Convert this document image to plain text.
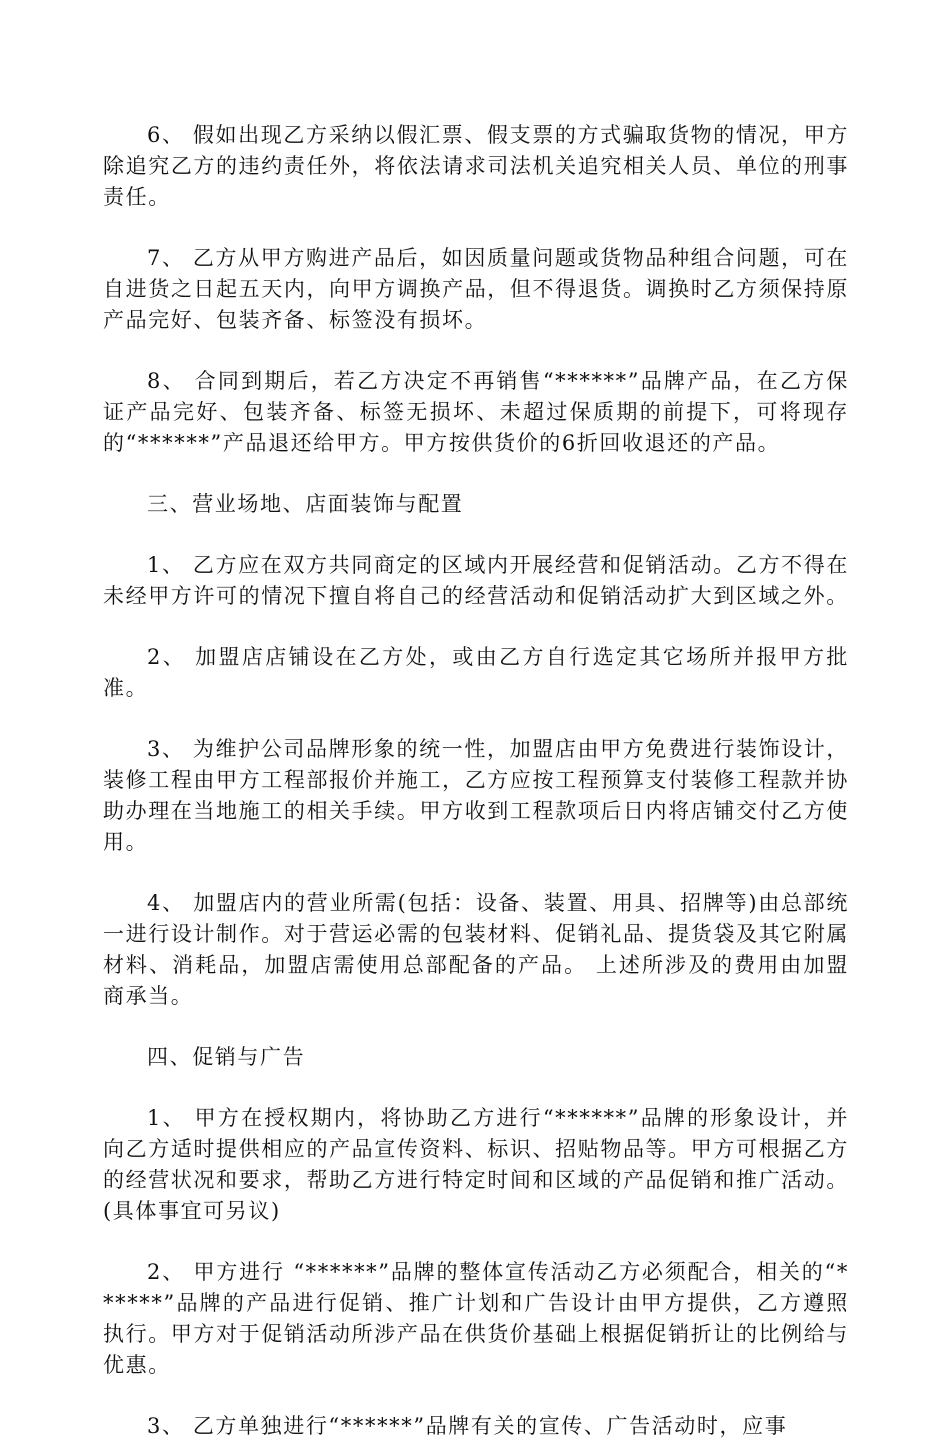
6、 假如出现乙方采纳以假汇票、假支票的方式骗取货物的情况，甲方除追究乙方的违约责任外，将依法请求司法机关追究相关人员、单位的刑事责任。

7、 乙方从甲方购进产品后，如因质量问题或货物品种组合问题，可在自进货之日起五天内，向甲方调换产品，但不得退货。调换时乙方须保持原产品完好、包装齐备、标签没有损坏。

8、 合同到期后，若乙方决定不再销售“******”品牌产品，在乙方保证产品完好、包装齐备、标签无损坏、未超过保质期的前提下，可将现存的“******”产品退还给甲方。甲方按供货价的6折回收退还的产品。

三、营业场地、店面装饰与配置

1、 乙方应在双方共同商定的区域内开展经营和促销活动。乙方不得在未经甲方许可的情况下擅自将自己的经营活动和促销活动扩大到区域之外。

2、 加盟店店铺设在乙方处，或由乙方自行选定其它场所并报甲方批准。

3、 为维护公司品牌形象的统一性，加盟店由甲方免费进行装饰设计，装修工程由甲方工程部报价并施工，乙方应按工程预算支付装修工程款并协助办理在当地施工的相关手续。甲方收到工程款项后日内将店铺交付乙方使用。

4、 加盟店内的营业所需(包括：设备、装置、用具、招牌等)由总部统一进行设计制作。对于营运必需的包装材料、促销礼品、提货袋及其它附属材料、消耗品，加盟店需使用总部配备的产品。 上述所涉及的费用由加盟商承当。

四、促销与广告

1、 甲方在授权期内，将协助乙方进行“******”品牌的形象设计，并向乙方适时提供相应的产品宣传资料、标识、招贴物品等。甲方可根据乙方的经营状况和要求，帮助乙方进行特定时间和区域的产品促销和推广活动。(具体事宜可另议)

2、 甲方进行 “******”品牌的整体宣传活动乙方必须配合，相关的“******”品牌的产品进行促销、推广计划和广告设计由甲方提供，乙方遵照执行。甲方对于促销活动所涉产品在供货价基础上根据促销折让的比例给与优惠。

3、 乙方单独进行“******”品牌有关的宣传、广告活动时，应事
